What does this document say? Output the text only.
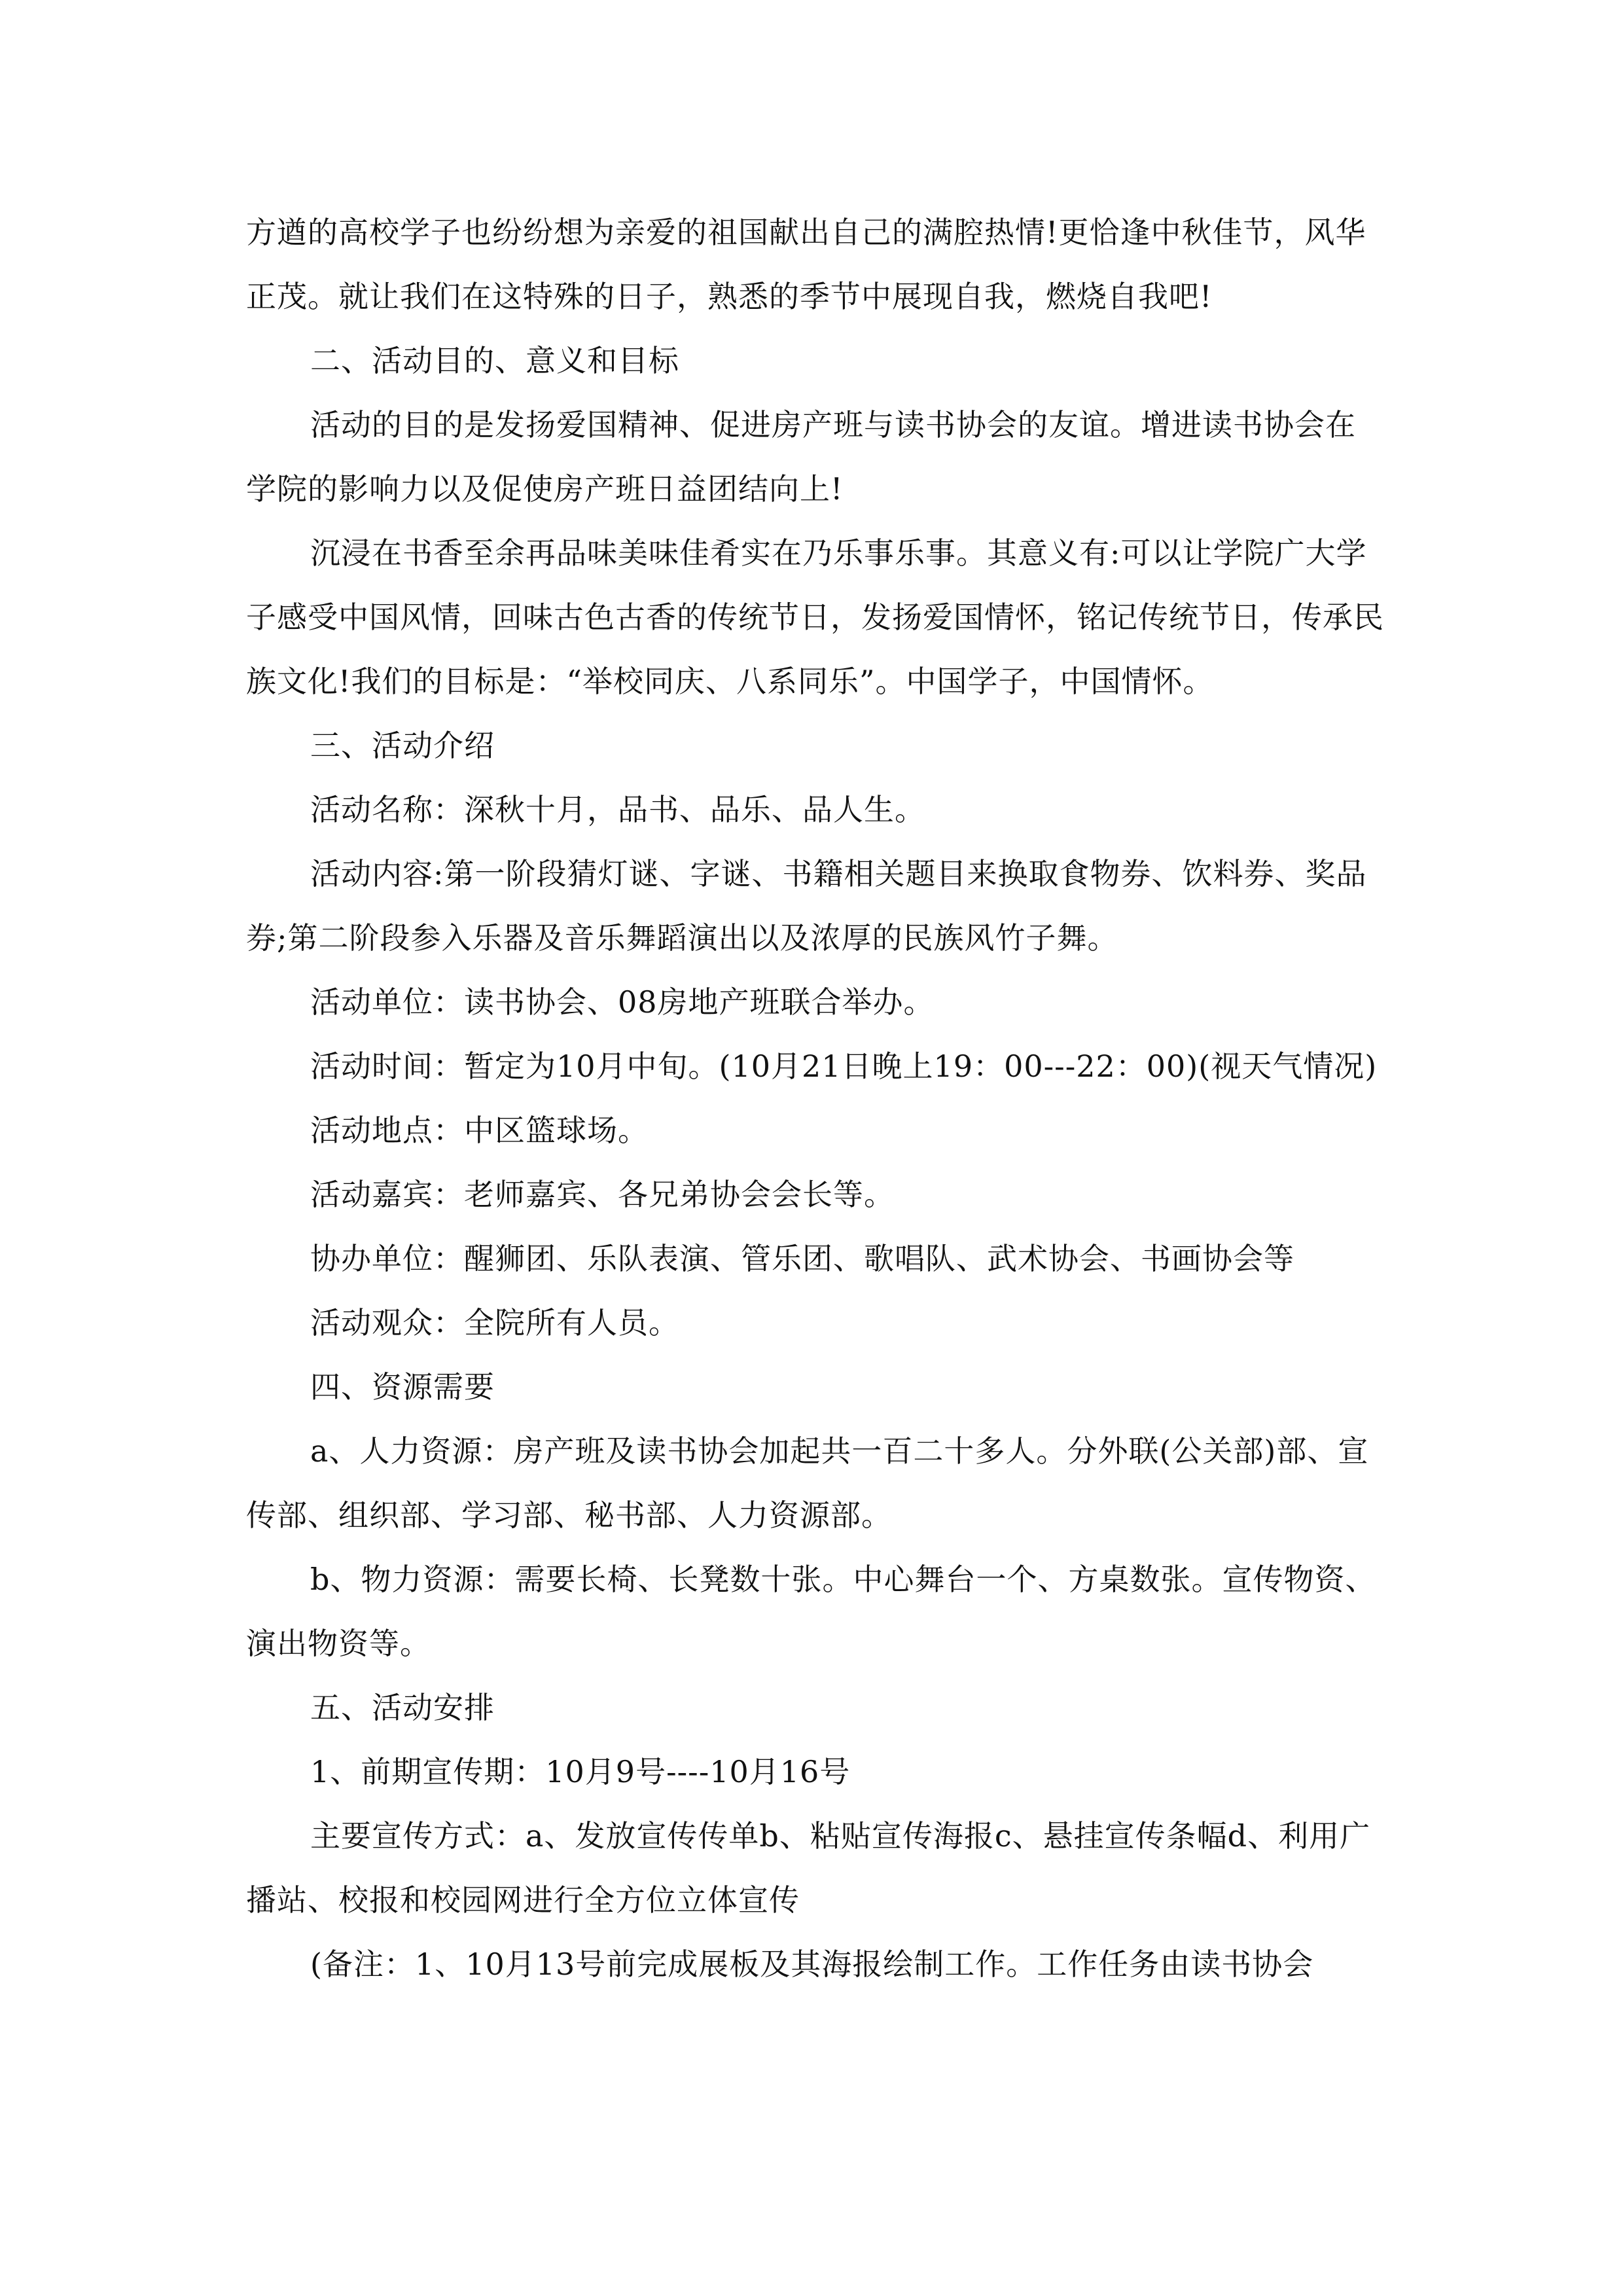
方遒的高校学子也纷纷想为亲爱的祖国献出自己的满腔热情!更恰逢中秋佳节，风华正茂。就让我们在这特殊的日子，熟悉的季节中展现自我，燃烧自我吧!

二、活动目的、意义和目标

活动的目的是发扬爱国精神、促进房产班与读书协会的友谊。增进读书协会在学院的影响力以及促使房产班日益团结向上!

沉浸在书香至余再品味美味佳肴实在乃乐事乐事。其意义有:可以让学院广大学子感受中国风情，回味古色古香的传统节日，发扬爱国情怀，铭记传统节日，传承民族文化!我们的目标是：“举校同庆、八系同乐”。中国学子，中国情怀。

三、活动介绍

活动名称：深秋十月，品书、品乐、品人生。

活动内容:第一阶段猜灯谜、字谜、书籍相关题目来换取食物券、饮料券、奖品券;第二阶段参入乐器及音乐舞蹈演出以及浓厚的民族风竹子舞。

活动单位：读书协会、08房地产班联合举办。

活动时间：暂定为10月中旬。(10月21日晚上19：00---22：00)(视天气情况)

活动地点：中区篮球场。

活动嘉宾：老师嘉宾、各兄弟协会会长等。

协办单位：醒狮团、乐队表演、管乐团、歌唱队、武术协会、书画协会等

活动观众：全院所有人员。

四、资源需要

a、人力资源：房产班及读书协会加起共一百二十多人。分外联(公关部)部、宣传部、组织部、学习部、秘书部、人力资源部。

b、物力资源：需要长椅、长凳数十张。中心舞台一个、方桌数张。宣传物资、演出物资等。

五、活动安排

1、前期宣传期：10月9号----10月16号

主要宣传方式：a、发放宣传传单b、粘贴宣传海报c、悬挂宣传条幅d、利用广播站、校报和校园网进行全方位立体宣传

(备注：1、10月13号前完成展板及其海报绘制工作。工作任务由读书协会
